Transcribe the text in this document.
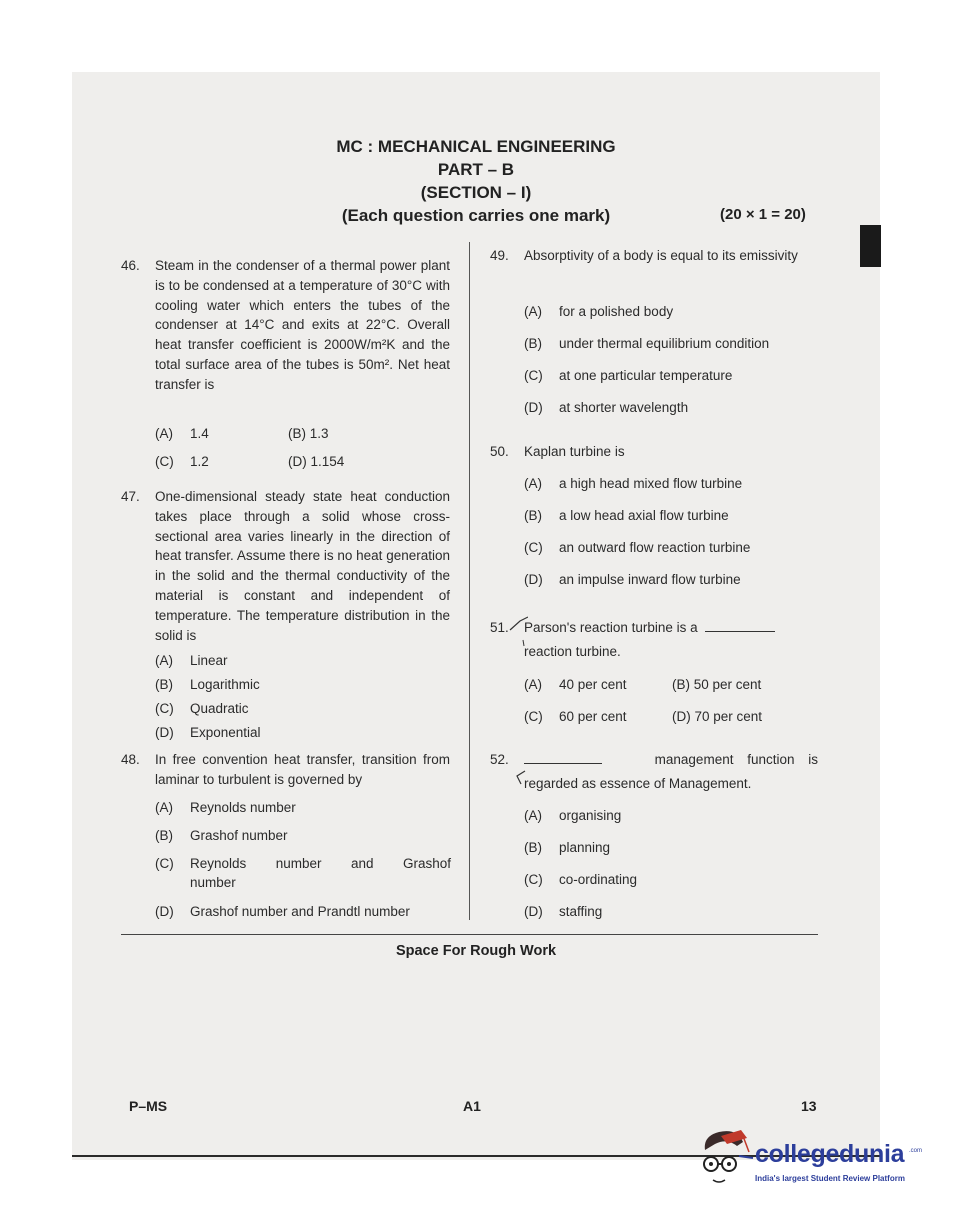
MC : MECHANICAL ENGINEERING
PART – B
(SECTION – I)
(Each question carries one mark)	(20 × 1 = 20)
46. Steam in the condenser of a thermal power plant is to be condensed at a temperature of 30°C with cooling water which enters the tubes of the condenser at 14°C and exits at 22°C. Overall heat transfer coefficient is 2000W/m²K and the total surface area of the tubes is 50m². Net heat transfer is
(A) 1.4	(B) 1.3
(C) 1.2	(D) 1.154
47. One-dimensional steady state heat conduction takes place through a solid whose cross-sectional area varies linearly in the direction of heat transfer. Assume there is no heat generation in the solid and the thermal conductivity of the material is constant and independent of temperature. The temperature distribution in the solid is
(A) Linear
(B) Logarithmic
(C) Quadratic
(D) Exponential
48. In free convention heat transfer, transition from laminar to turbulent is governed by
(A) Reynolds number
(B) Grashof number
(C)	Reynolds number and Grashof number
(D) Grashof number and Prandtl number
49. Absorptivity of a body is equal to its emissivity
(A) for a polished body
(B) under thermal equilibrium condition
(C) at one particular temperature
(D) at shorter wavelength
50. Kaplan turbine is
(A) a high head mixed flow turbine
(B) a low head axial flow turbine
(C) an outward flow reaction turbine
(D) an impulse inward flow turbine
51. Parson's reaction turbine is a
reaction turbine.
(A) 40 per cent	(B) 50 per cent
(C) 60 per cent	(D) 70 per cent
52.	management function is
regarded as essence of Management.
(A) organising
(B) planning
(C) co-ordinating
(D) staffing
Space For Rough Work
P–MS	A1	13
collegedunia .com
India's largest Student Review Platform
